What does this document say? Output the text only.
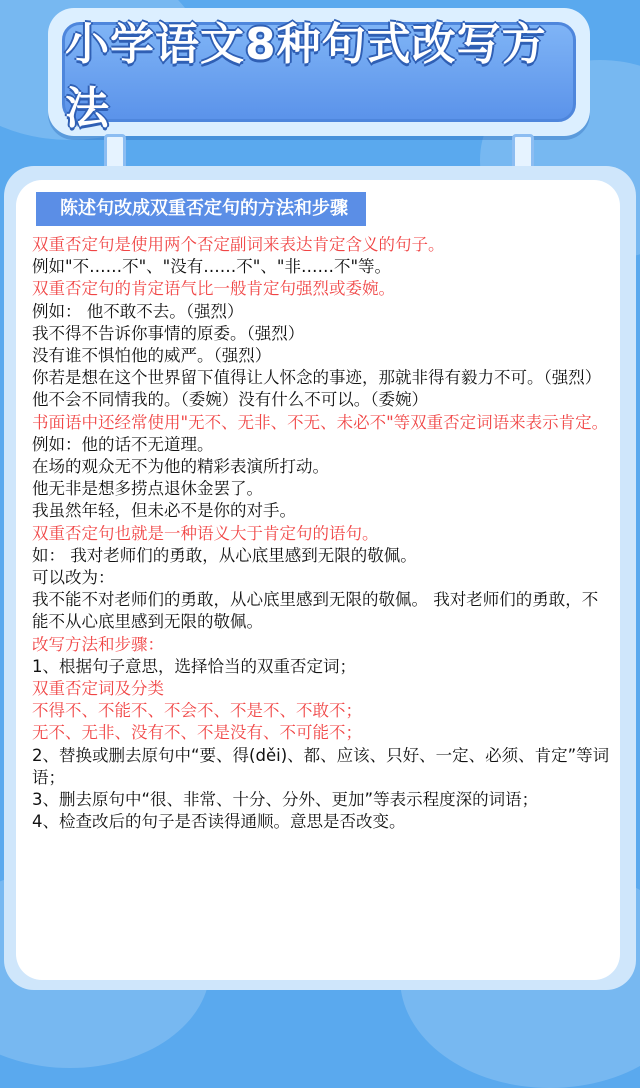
小学语文8种句式改写方法
陈述句改成双重否定句的方法和步骤

双重否定句是使用两个否定副词来表达肯定含义的句子。

例如"不……不"、"没有……不"、"非……不"等。

双重否定句的肯定语气比一般肯定句强烈或委婉。

例如： 他不敢不去。（强烈）

我不得不告诉你事情的原委。（强烈）

没有谁不惧怕他的威严。（强烈）

你若是想在这个世界留下值得让人怀念的事迹，那就非得有毅力不可。（强烈）

他不会不同情我的。（委婉）没有什么不可以。（委婉）

书面语中还经常使用"无不、无非、不无、未必不"等双重否定词语来表示肯定。

例如：他的话不无道理。

在场的观众无不为他的精彩表演所打动。

他无非是想多捞点退休金罢了。

我虽然年轻，但未必不是你的对手。

双重否定句也就是一种语义大于肯定句的语句。

如： 我对老师们的勇敢，从心底里感到无限的敬佩。

可以改为：

我不能不对老师们的勇敢，从心底里感到无限的敬佩。 我对老师们的勇敢，不能不从心底里感到无限的敬佩。

改写方法和步骤：

1、根据句子意思，选择恰当的双重否定词；

双重否定词及分类

不得不、不能不、不会不、不是不、不敢不；

无不、无非、没有不、不是没有、不可能不；

2、替换或删去原句中“要、得(děi)、都、应该、只好、一定、必须、肯定”等词语；

3、删去原句中“很、非常、十分、分外、更加”等表示程度深的词语；

4、检查改后的句子是否读得通顺。意思是否改变。
